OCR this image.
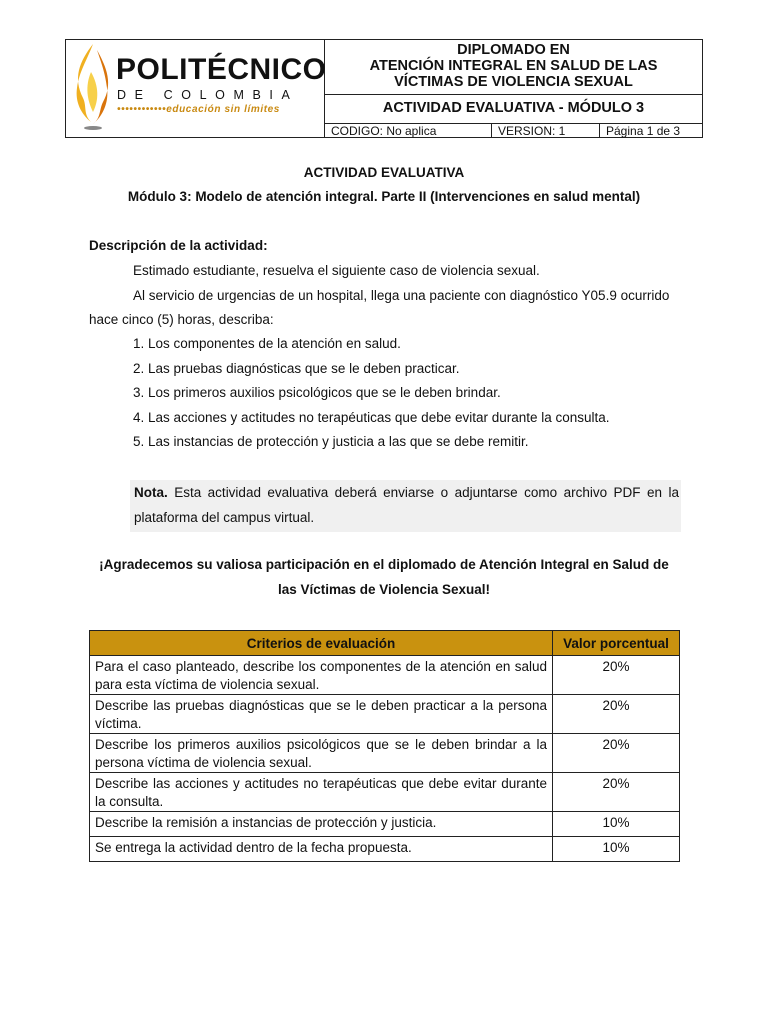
POLITÉCNICO
DE COLOMBIA
••••••••••••educación sin límites
DIPLOMADO EN
ATENCIÓN INTEGRAL EN SALUD DE LAS
VÍCTIMAS DE VIOLENCIA SEXUAL
ACTIVIDAD EVALUATIVA - MÓDULO 3
CODIGO: No aplica	VERSION: 1	Página 1 de 3
ACTIVIDAD EVALUATIVA
Módulo 3: Modelo de atención integral. Parte II (Intervenciones en salud mental)
Descripción de la actividad:
Estimado estudiante, resuelva el siguiente caso de violencia sexual.
Al servicio de urgencias de un hospital, llega una paciente con diagnóstico Y05.9 ocurrido
hace cinco (5) horas, describa:
1. Los componentes de la atención en salud.
2. Las pruebas diagnósticas que se le deben practicar.
3. Los primeros auxilios psicológicos que se le deben brindar.
4. Las acciones y actitudes no terapéuticas que debe evitar durante la consulta.
5. Las instancias de protección y justicia a las que se debe remitir.
Nota. Esta actividad evaluativa deberá enviarse o adjuntarse como archivo PDF en la plataforma del campus virtual.
¡Agradecemos su valiosa participación en el diplomado de Atención Integral en Salud de
las Víctimas de Violencia Sexual!
Criterios de evaluación	Valor porcentual
Para el caso planteado, describe los componentes de la atención en salud para esta víctima de violencia sexual.	20%
Describe las pruebas diagnósticas que se le deben practicar a la persona víctima.	20%
Describe los primeros auxilios psicológicos que se le deben brindar a la persona víctima de violencia sexual.	20%
Describe las acciones y actitudes no terapéuticas que debe evitar durante la consulta.	20%
Describe la remisión a instancias de protección y justicia.	10%
Se entrega la actividad dentro de la fecha propuesta.	10%
